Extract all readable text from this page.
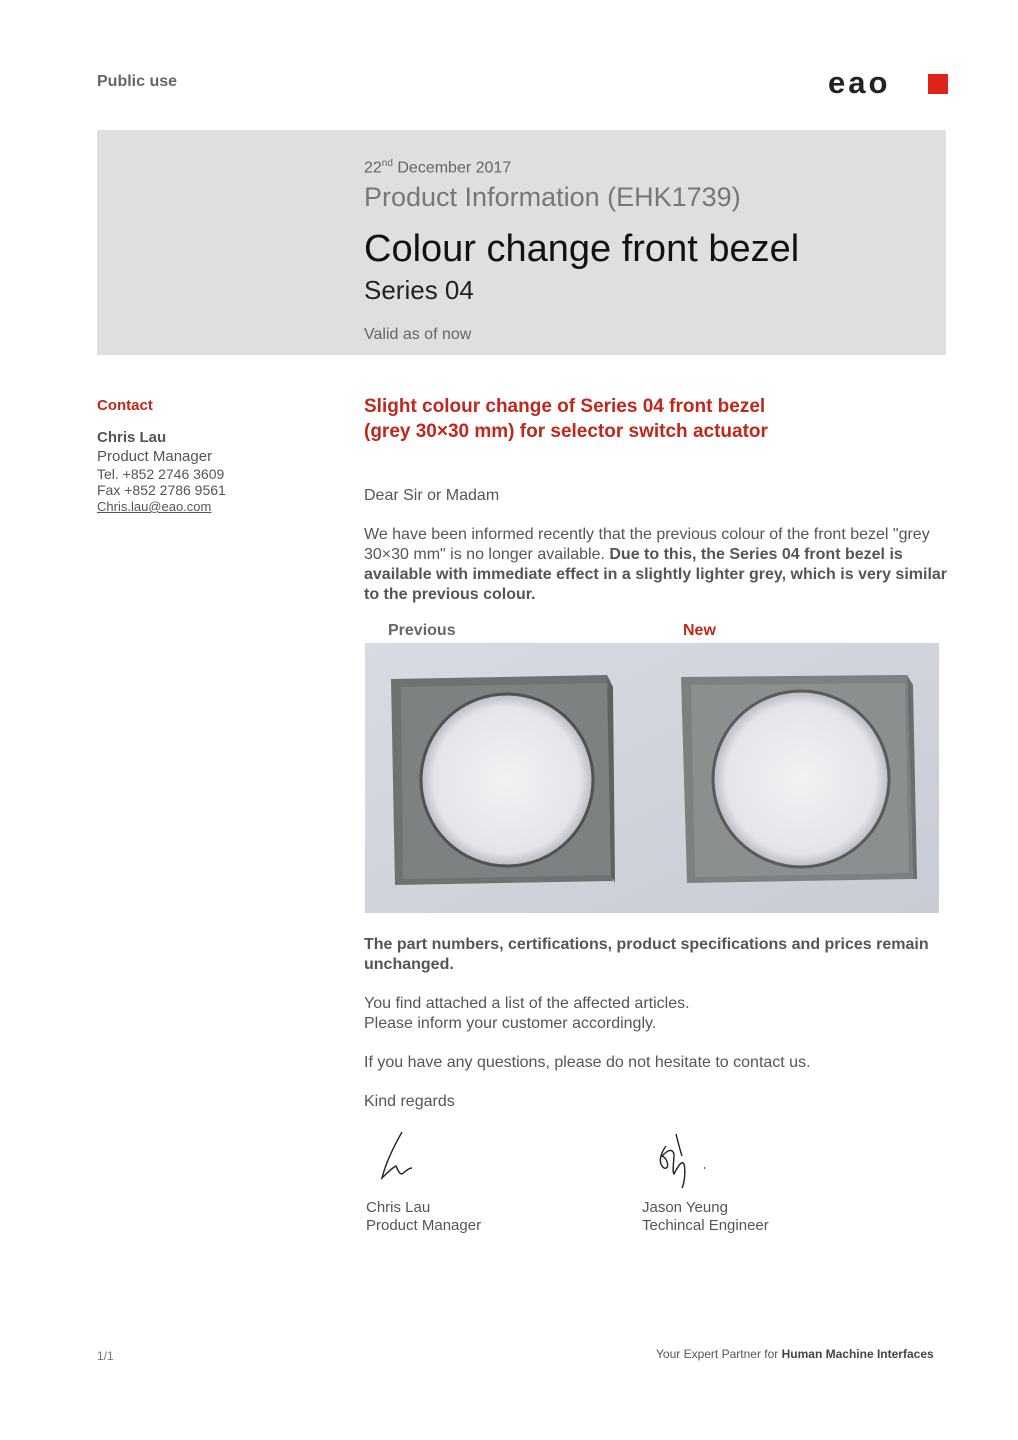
Public use	eao
22nd December 2017
Product Information (EHK1739)
Colour change front bezel
Series 04
Valid as of now
Contact
Chris Lau
Product Manager
Tel. +852 2746 3609
Fax +852 2786 9561
Chris.lau@eao.com
Slight colour change of Series 04 front bezel
(grey 30×30 mm) for selector switch actuator
Dear Sir or Madam
We have been informed recently that the previous colour of the front bezel "grey 30×30 mm" is no longer available. Due to this, the Series 04 front bezel is available with immediate effect in a slightly lighter grey, which is very similar to the previous colour.
Previous	New
The part numbers, certifications, product specifications and prices remain unchanged.
You find attached a list of the affected articles.
Please inform your customer accordingly.
If you have any questions, please do not hesitate to contact us.
Kind regards
Chris Lau
Product Manager
Jason Yeung
Techincal Engineer
1/1	Your Expert Partner for Human Machine Interfaces
